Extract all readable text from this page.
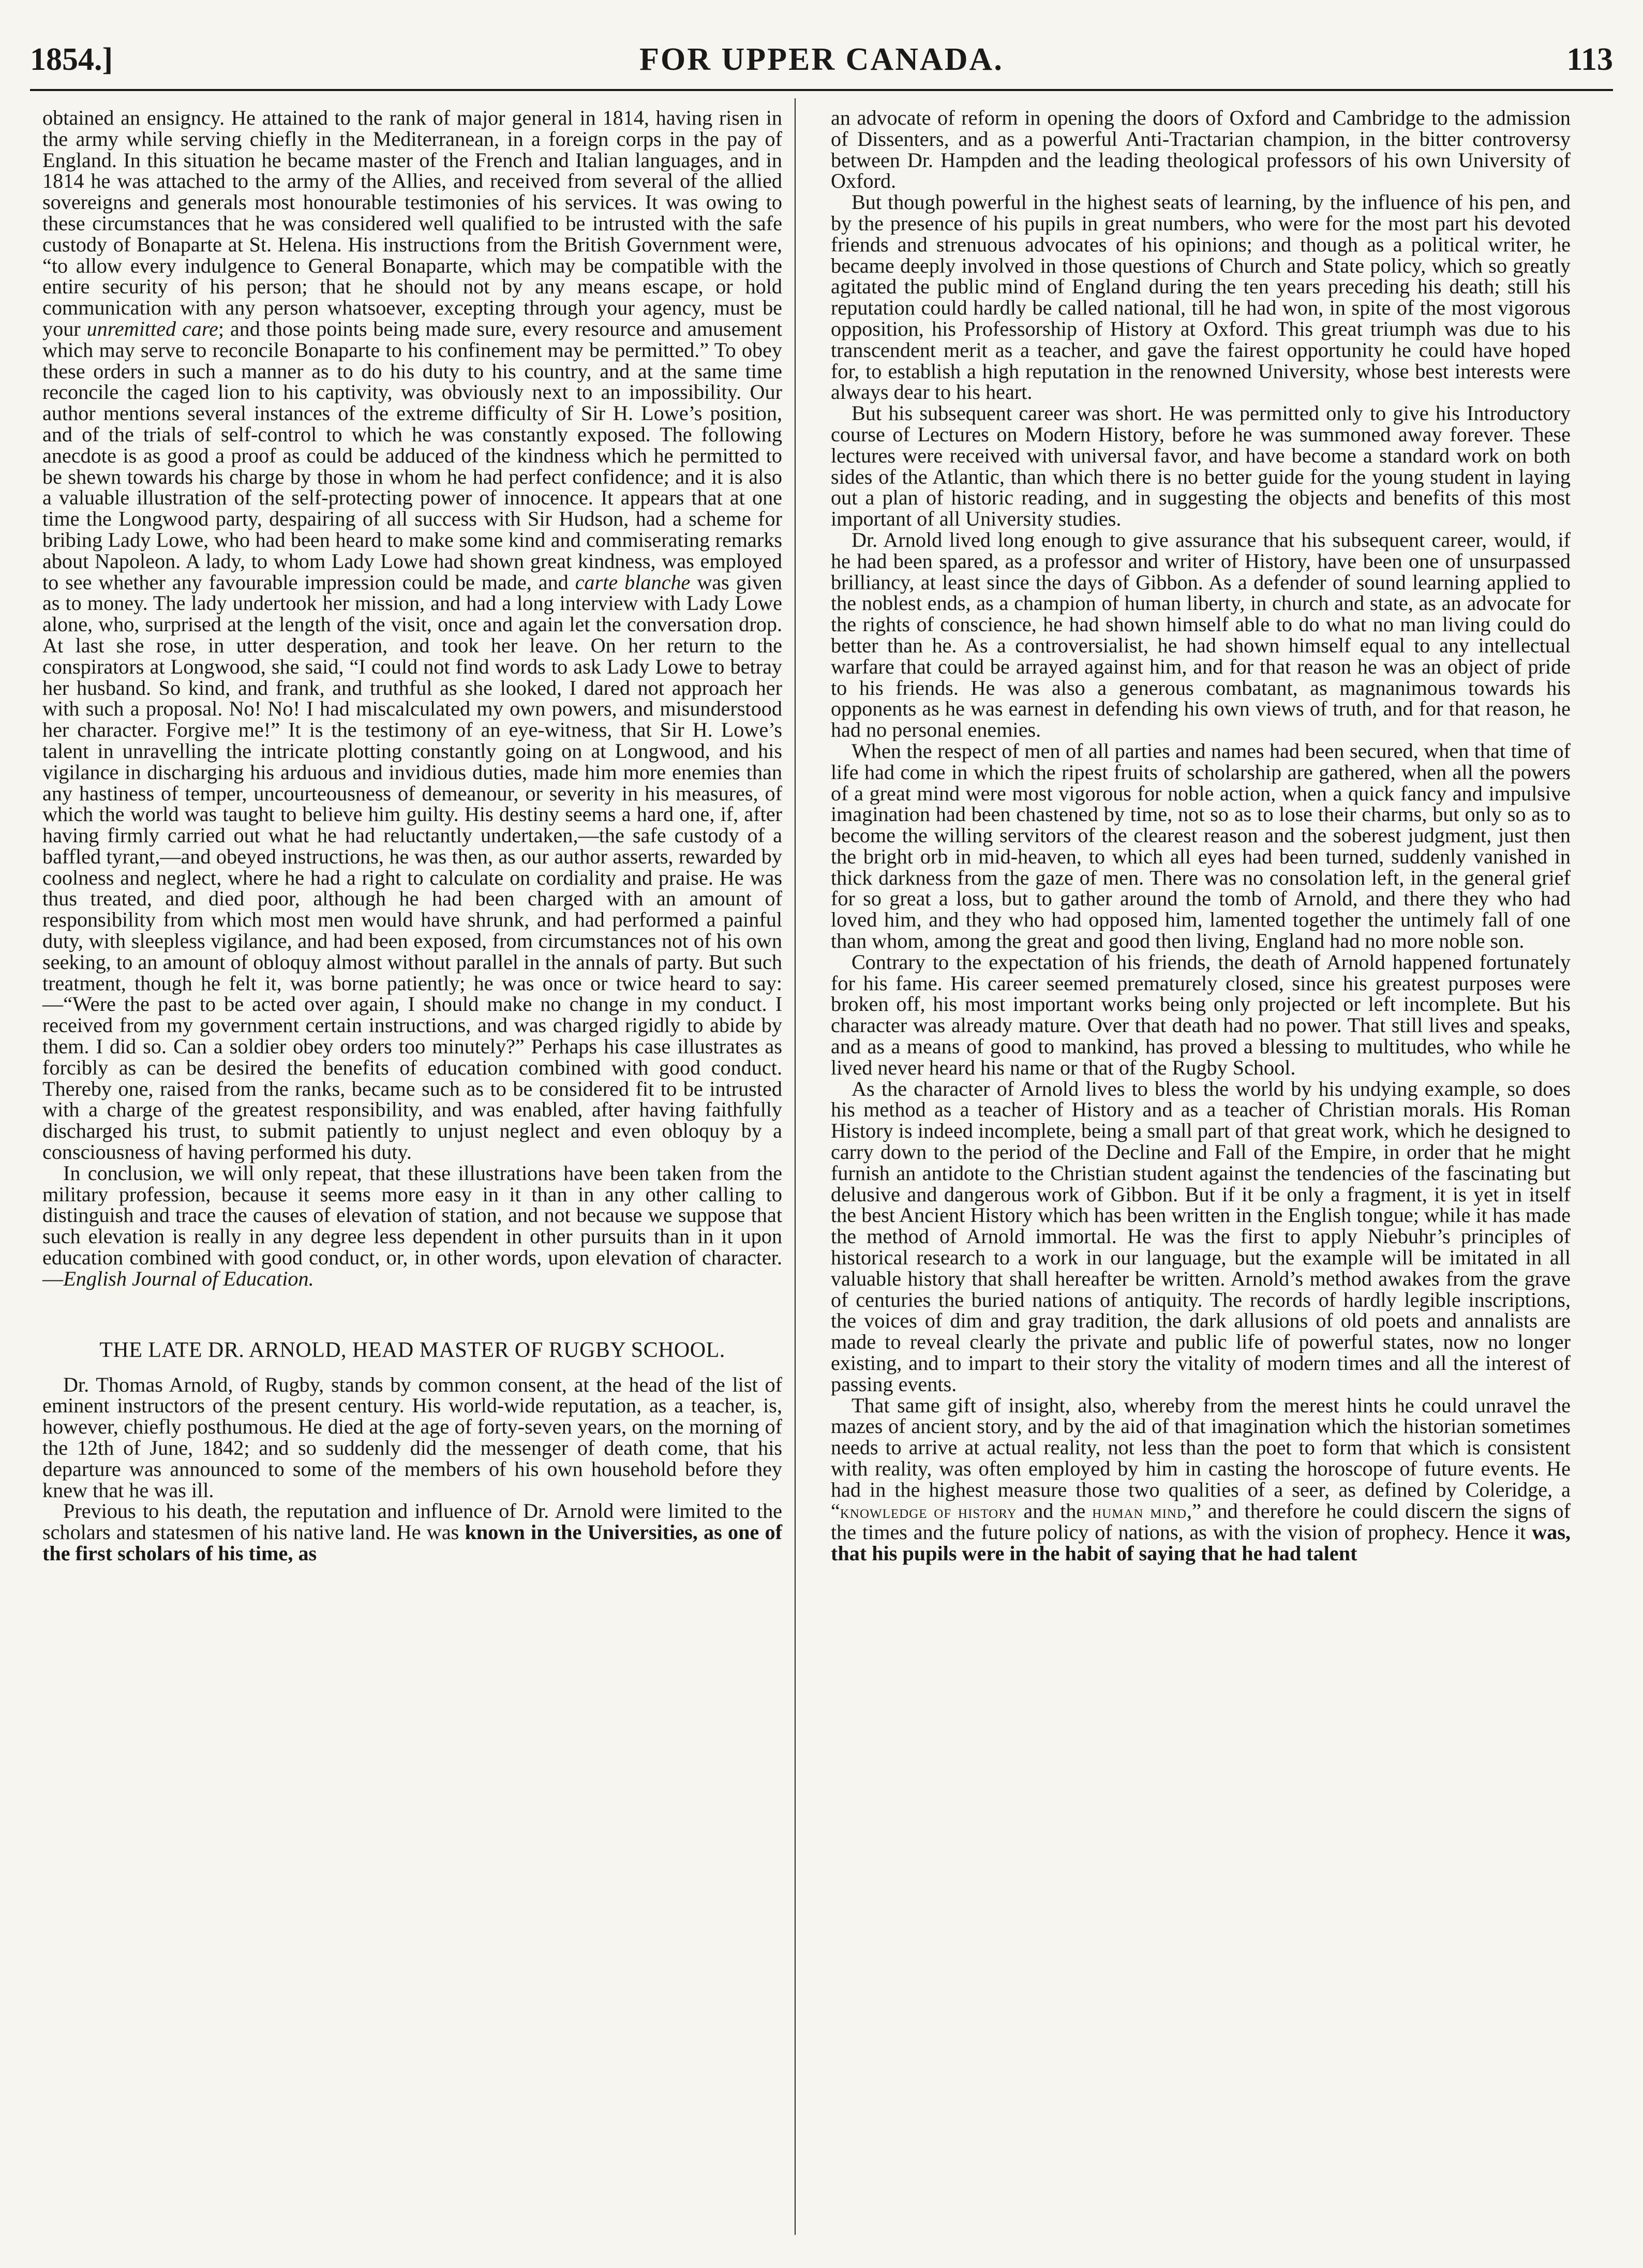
1854.]	FOR UPPER CANADA.	113

obtained an ensigncy. He attained to the rank of major general in 1814, having risen in the army while serving chiefly in the Mediterranean, in a foreign corps in the pay of England. In this situation he became master of the French and Italian languages, and in 1814 he was attached to the army of the Allies, and received from several of the allied sovereigns and generals most honourable testimonies of his services. It was owing to these circumstances that he was considered well qualified to be intrusted with the safe custody of Bonaparte at St. Helena. His instructions from the British Government were, “to allow every indulgence to General Bonaparte, which may be compatible with the entire security of his person; that he should not by any means escape, or hold communication with any person whatsoever, excepting through your agency, must be your unremitted care; and those points being made sure, every resource and amusement which may serve to reconcile Bonaparte to his confinement may be permitted.” To obey these orders in such a manner as to do his duty to his country, and at the same time reconcile the caged lion to his captivity, was obviously next to an impossibility. Our author mentions several instances of the extreme difficulty of Sir H. Lowe’s position, and of the trials of self-control to which he was constantly exposed. The following anecdote is as good a proof as could be adduced of the kindness which he permitted to be shewn towards his charge by those in whom he had perfect confidence; and it is also a valuable illustration of the self-protecting power of innocence. It appears that at one time the Longwood party, despairing of all success with Sir Hudson, had a scheme for bribing Lady Lowe, who had been heard to make some kind and commiserating remarks about Napoleon. A lady, to whom Lady Lowe had shown great kindness, was employed to see whether any favourable impression could be made, and carte blanche was given as to money. The lady undertook her mission, and had a long interview with Lady Lowe alone, who, surprised at the length of the visit, once and again let the conversation drop. At last she rose, in utter desperation, and took her leave. On her return to the conspirators at Longwood, she said, “I could not find words to ask Lady Lowe to betray her husband. So kind, and frank, and truthful as she looked, I dared not approach her with such a proposal. No! No! I had miscalculated my own powers, and misunderstood her character. Forgive me!” It is the testimony of an eye-witness, that Sir H. Lowe’s talent in unravelling the intricate plotting constantly going on at Longwood, and his vigilance in discharging his arduous and invidious duties, made him more enemies than any hastiness of temper, uncourteousness of demeanour, or severity in his measures, of which the world was taught to believe him guilty. His destiny seems a hard one, if, after having firmly carried out what he had reluctantly undertaken,—the safe custody of a baffled tyrant,—and obeyed instructions, he was then, as our author asserts, rewarded by coolness and neglect, where he had a right to calculate on cordiality and praise. He was thus treated, and died poor, although he had been charged with an amount of responsibility from which most men would have shrunk, and had performed a painful duty, with sleepless vigilance, and had been exposed, from circumstances not of his own seeking, to an amount of obloquy almost without parallel in the annals of party. But such treatment, though he felt it, was borne patiently; he was once or twice heard to say:—“Were the past to be acted over again, I should make no change in my conduct. I received from my government certain instructions, and was charged rigidly to abide by them. I did so. Can a soldier obey orders too minutely?” Perhaps his case illustrates as forcibly as can be desired the benefits of education combined with good conduct. Thereby one, raised from the ranks, became such as to be considered fit to be intrusted with a charge of the greatest responsibility, and was enabled, after having faithfully discharged his trust, to submit patiently to unjust neglect and even obloquy by a consciousness of having performed his duty.

In conclusion, we will only repeat, that these illustrations have been taken from the military profession, because it seems more easy in it than in any other calling to distinguish and trace the causes of elevation of station, and not because we suppose that such elevation is really in any degree less dependent in other pursuits than in it upon education combined with good conduct, or, in other words, upon elevation of character.—English Journal of Education.

THE LATE DR. ARNOLD, HEAD MASTER OF RUGBY SCHOOL.

Dr. Thomas Arnold, of Rugby, stands by common consent, at the head of the list of eminent instructors of the present century. His world-wide reputation, as a teacher, is, however, chiefly posthumous. He died at the age of forty-seven years, on the morning of the 12th of June, 1842; and so suddenly did the messenger of death come, that his departure was announced to some of the members of his own household before they knew that he was ill.

Previous to his death, the reputation and influence of Dr. Arnold were limited to the scholars and statesmen of his native land. He was known in the Universities, as one of the first scholars of his time, as

an advocate of reform in opening the doors of Oxford and Cambridge to the admission of Dissenters, and as a powerful Anti-Tractarian champion, in the bitter controversy between Dr. Hampden and the leading theological professors of his own University of Oxford.

But though powerful in the highest seats of learning, by the influence of his pen, and by the presence of his pupils in great numbers, who were for the most part his devoted friends and strenuous advocates of his opinions; and though as a political writer, he became deeply involved in those questions of Church and State policy, which so greatly agitated the public mind of England during the ten years preceding his death; still his reputation could hardly be called national, till he had won, in spite of the most vigorous opposition, his Professorship of History at Oxford. This great triumph was due to his transcendent merit as a teacher, and gave the fairest opportunity he could have hoped for, to establish a high reputation in the renowned University, whose best interests were always dear to his heart.

But his subsequent career was short. He was permitted only to give his Introductory course of Lectures on Modern History, before he was summoned away forever. These lectures were received with universal favor, and have become a standard work on both sides of the Atlantic, than which there is no better guide for the young student in laying out a plan of historic reading, and in suggesting the objects and benefits of this most important of all University studies.

Dr. Arnold lived long enough to give assurance that his subsequent career, would, if he had been spared, as a professor and writer of History, have been one of unsurpassed brilliancy, at least since the days of Gibbon. As a defender of sound learning applied to the noblest ends, as a champion of human liberty, in church and state, as an advocate for the rights of conscience, he had shown himself able to do what no man living could do better than he. As a controversialist, he had shown himself equal to any intellectual warfare that could be arrayed against him, and for that reason he was an object of pride to his friends. He was also a generous combatant, as magnanimous towards his opponents as he was earnest in defending his own views of truth, and for that reason, he had no personal enemies.

When the respect of men of all parties and names had been secured, when that time of life had come in which the ripest fruits of scholarship are gathered, when all the powers of a great mind were most vigorous for noble action, when a quick fancy and impulsive imagination had been chastened by time, not so as to lose their charms, but only so as to become the willing servitors of the clearest reason and the soberest judgment, just then the bright orb in mid-heaven, to which all eyes had been turned, suddenly vanished in thick darkness from the gaze of men. There was no consolation left, in the general grief for so great a loss, but to gather around the tomb of Arnold, and there they who had loved him, and they who had opposed him, lamented together the untimely fall of one than whom, among the great and good then living, England had no more noble son.

Contrary to the expectation of his friends, the death of Arnold happened fortunately for his fame. His career seemed prematurely closed, since his greatest purposes were broken off, his most important works being only projected or left incomplete. But his character was already mature. Over that death had no power. That still lives and speaks, and as a means of good to mankind, has proved a blessing to multitudes, who while he lived never heard his name or that of the Rugby School.

As the character of Arnold lives to bless the world by his undying example, so does his method as a teacher of History and as a teacher of Christian morals. His Roman History is indeed incomplete, being a small part of that great work, which he designed to carry down to the period of the Decline and Fall of the Empire, in order that he might furnish an antidote to the Christian student against the tendencies of the fascinating but delusive and dangerous work of Gibbon. But if it be only a fragment, it is yet in itself the best Ancient History which has been written in the English tongue; while it has made the method of Arnold immortal. He was the first to apply Niebuhr’s principles of historical research to a work in our language, but the example will be imitated in all valuable history that shall hereafter be written. Arnold’s method awakes from the grave of centuries the buried nations of antiquity. The records of hardly legible inscriptions, the voices of dim and gray tradition, the dark allusions of old poets and annalists are made to reveal clearly the private and public life of powerful states, now no longer existing, and to impart to their story the vitality of modern times and all the interest of passing events.

That same gift of insight, also, whereby from the merest hints he could unravel the mazes of ancient story, and by the aid of that imagination which the historian sometimes needs to arrive at actual reality, not less than the poet to form that which is consistent with reality, was often employed by him in casting the horoscope of future events. He had in the highest measure those two qualities of a seer, as defined by Coleridge, a “knowledge of history and the human mind,” and therefore he could discern the signs of the times and the future policy of nations, as with the vision of prophecy. Hence it was, that his pupils were in the habit of saying that he had talent
